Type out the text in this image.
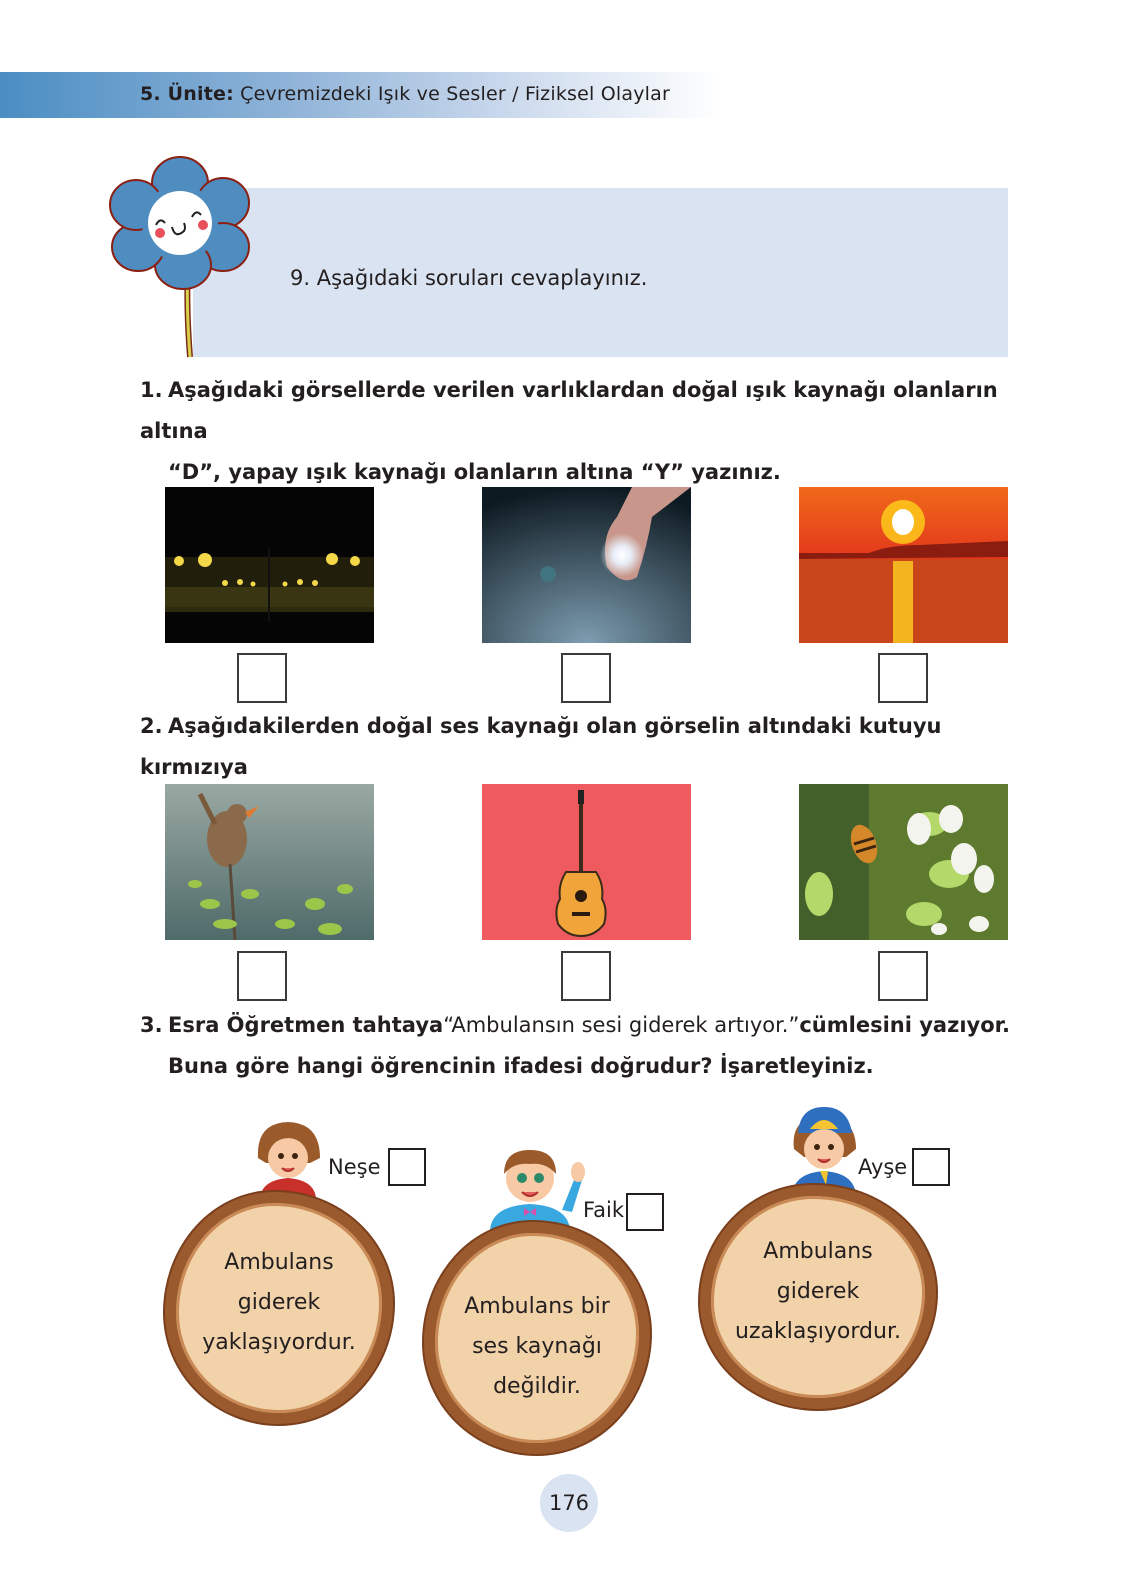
5. Ünite: Çevremizdeki Işık ve Sesler / Fiziksel Olaylar
9. Aşağıdaki soruları cevaplayınız.
1. Aşağıdaki görsellerde verilen varlıklardan doğal ışık kaynağı olanların altına
“D”, yapay ışık kaynağı olanların altına “Y” yazınız.
2. Aşağıdakilerden doğal ses kaynağı olan görselin altındaki kutuyu kırmızıya
3. Esra Öğretmen tahtaya “Ambulansın sesi giderek artıyor.” cümlesini yazıyor.
Buna göre hangi öğrencinin ifadesi doğrudur? İşaretleyiniz.
Ambulans
giderek
yaklaşıyordur.
Neşe
Ambulans bir
ses kaynağı
değildir.
Faik
Ambulans
giderek
uzaklaşıyordur.
Ayşe
176
